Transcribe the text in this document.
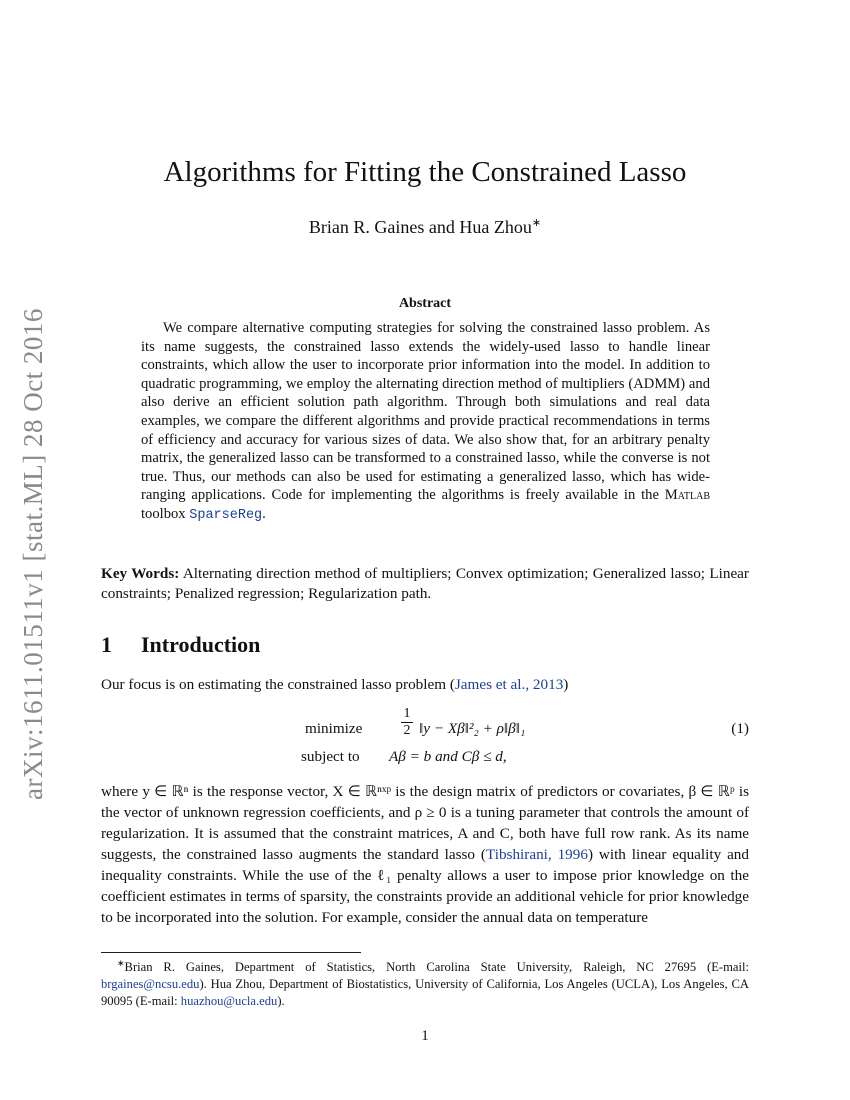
arXiv:1611.01511v1 [stat.ML] 28 Oct 2016
Algorithms for Fitting the Constrained Lasso
Brian R. Gaines and Hua Zhou∗
Abstract
We compare alternative computing strategies for solving the constrained lasso problem. As its name suggests, the constrained lasso extends the widely-used lasso to handle linear constraints, which allow the user to incorporate prior information into the model. In addition to quadratic programming, we employ the alternating direction method of multipliers (ADMM) and also derive an efficient solution path algorithm. Through both simulations and real data examples, we compare the different algorithms and provide practical recommendations in terms of efficiency and accuracy for various sizes of data. We also show that, for an arbitrary penalty matrix, the generalized lasso can be transformed to a constrained lasso, while the converse is not true. Thus, our methods can also be used for estimating a generalized lasso, which has wide-ranging applications. Code for implementing the algorithms is freely available in the Matlab toolbox SparseReg.
Key Words: Alternating direction method of multipliers; Convex optimization; Generalized lasso; Linear constraints; Penalized regression; Regularization path.
1 Introduction
Our focus is on estimating the constrained lasso problem (James et al., 2013)
minimize	$\frac{1}{2}$ ‖y − Xβ‖²₂ + ρ‖β‖₁
subject to Aβ = b and Cβ ≤ d,
(1)
where y ∈ ℝⁿ is the response vector, X ∈ ℝⁿˣᵖ is the design matrix of predictors or covariates, β ∈ ℝᵖ is the vector of unknown regression coefficients, and ρ ≥ 0 is a tuning parameter that controls the amount of regularization. It is assumed that the constraint matrices, A and C, both have full row rank. As its name suggests, the constrained lasso augments the standard lasso (Tibshirani, 1996) with linear equality and inequality constraints. While the use of the ℓ₁ penalty allows a user to impose prior knowledge on the coefficient estimates in terms of sparsity, the constraints provide an additional vehicle for prior knowledge to be incorporated into the solution. For example, consider the annual data on temperature
∗Brian R. Gaines, Department of Statistics, North Carolina State University, Raleigh, NC 27695 (E-mail: brgaines@ncsu.edu). Hua Zhou, Department of Biostatistics, University of California, Los Angeles (UCLA), Los Angeles, CA 90095 (E-mail: huazhou@ucla.edu).
1
